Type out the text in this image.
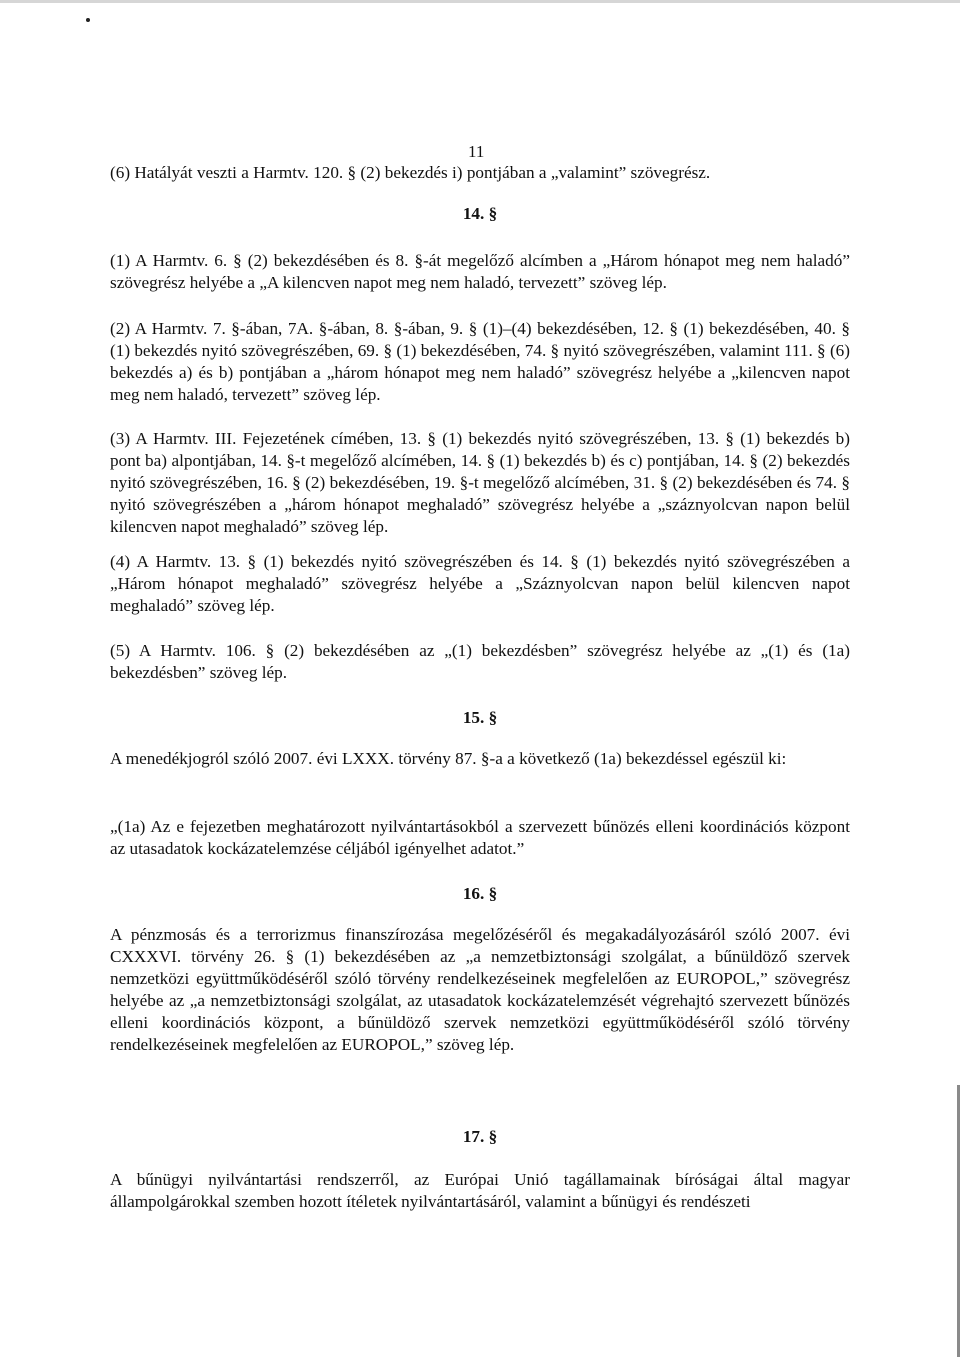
11

(6) Hatályát veszti a Harmtv. 120. § (2) bekezdés i) pontjában a „valamint” szövegrész.

14. §

(1) A Harmtv. 6. § (2) bekezdésében és 8. §-át megelőző alcímben a „Három hónapot meg nem haladó” szövegrész helyébe a „A kilencven napot meg nem haladó, tervezett” szöveg lép.

(2) A Harmtv. 7. §-ában, 7A. §-ában, 8. §-ában, 9. § (1)–(4) bekezdésében, 12. § (1) bekezdésében, 40. § (1) bekezdés nyitó szövegrészében, 69. § (1) bekezdésében, 74. § nyitó szövegrészében, valamint 111. § (6) bekezdés a) és b) pontjában a „három hónapot meg nem haladó” szövegrész helyébe a „kilencven napot meg nem haladó, tervezett” szöveg lép.

(3) A Harmtv. III. Fejezetének címében, 13. § (1) bekezdés nyitó szövegrészében, 13. § (1) bekezdés b) pont ba) alpontjában, 14. §-t megelőző alcímében, 14. § (1) bekezdés b) és c) pontjában, 14. § (2) bekezdés nyitó szövegrészében, 16. § (2) bekezdésében, 19. §-t megelőző alcímében, 31. § (2) bekezdésében és 74. § nyitó szövegrészében a „három hónapot meghaladó” szövegrész helyébe a „száznyolcvan napon belül kilencven napot meghaladó” szöveg lép.

(4) A Harmtv. 13. § (1) bekezdés nyitó szövegrészében és 14. § (1) bekezdés nyitó szövegrészében a „Három hónapot meghaladó” szövegrész helyébe a „Száznyolcvan napon belül kilencven napot meghaladó” szöveg lép.

(5) A Harmtv. 106. § (2) bekezdésében az „(1) bekezdésben” szövegrész helyébe az „(1) és (1a) bekezdésben” szöveg lép.

15. §

A menedékjogról szóló 2007. évi LXXX. törvény 87. §-a a következő (1a) bekezdéssel egészül ki:

„(1a) Az e fejezetben meghatározott nyilvántartásokból a szervezett bűnözés elleni koordinációs központ az utasadatok kockázatelemzése céljából igényelhet adatot.”

16. §

A pénzmosás és a terrorizmus finanszírozása megelőzéséről és megakadályozásáról szóló 2007. évi CXXXVI. törvény 26. § (1) bekezdésében az „a nemzetbiztonsági szolgálat, a bűnüldöző szervek nemzetközi együttműködéséről szóló törvény rendelkezéseinek megfelelően az EUROPOL,” szövegrész helyébe az „a nemzetbiztonsági szolgálat, az utasadatok kockázatelemzését végrehajtó szervezett bűnözés elleni koordinációs központ, a bűnüldöző szervek nemzetközi együttműködéséről szóló törvény rendelkezéseinek megfelelően az EUROPOL,” szöveg lép.

17. §

A bűnügyi nyilvántartási rendszerről, az Európai Unió tagállamainak bíróságai által magyar állampolgárokkal szemben hozott ítéletek nyilvántartásáról, valamint a bűnügyi és rendészeti
